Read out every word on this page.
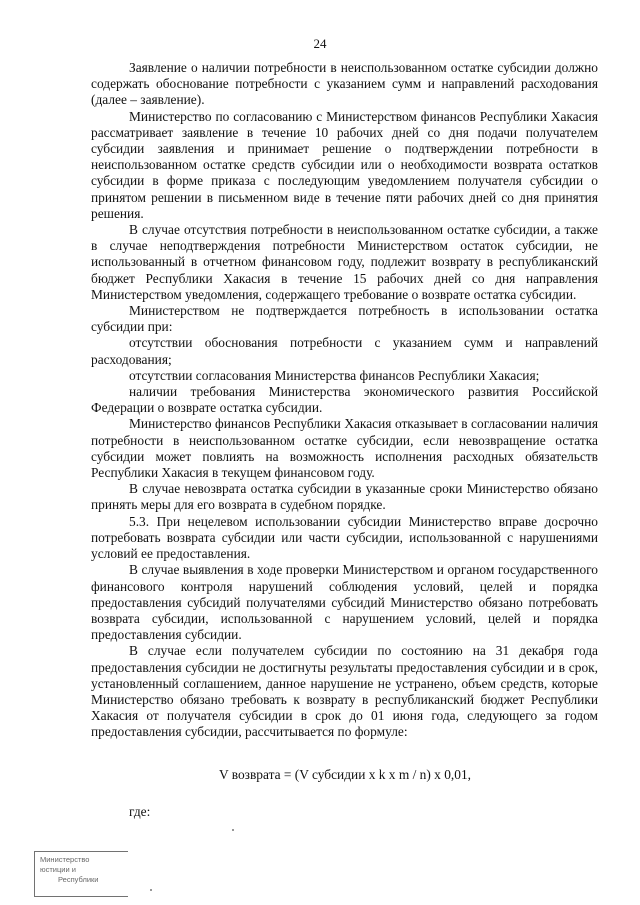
24

Заявление о наличии потребности в неиспользованном остатке субсидии должно содержать обоснование потребности с указанием сумм и направлений расходования (далее – заявление).

Министерство по согласованию с Министерством финансов Республики Хакасия рассматривает заявление в течение 10 рабочих дней со дня подачи получателем субсидии заявления и принимает решение о подтверждении потребности в неиспользованном остатке средств субсидии или о необходимости возврата остатков субсидии в форме приказа с последующим уведомлением получателя субсидии о принятом решении в письменном виде в течение пяти рабочих дней со дня принятия решения.

В случае отсутствия потребности в неиспользованном остатке субсидии, а также в случае неподтверждения потребности Министерством остаток субсидии, не использованный в отчетном финансовом году, подлежит возврату в республиканский бюджет Республики Хакасия в течение 15 рабочих дней со дня направления Министерством уведомления, содержащего требование о возврате остатка субсидии.

Министерством не подтверждается потребность в использовании остатка субсидии при:

отсутствии обоснования потребности с указанием сумм и направлений расходования;

отсутствии согласования Министерства финансов Республики Хакасия;

наличии требования Министерства экономического развития Российской Федерации о возврате остатка субсидии.

Министерство финансов Республики Хакасия отказывает в согласовании наличия потребности в неиспользованном остатке субсидии, если невозвращение остатка субсидии может повлиять на возможность исполнения расходных обязательств Республики Хакасия в текущем финансовом году.

В случае невозврата остатка субсидии в указанные сроки Министерство обязано принять меры для его возврата в судебном порядке.

5.3. При нецелевом использовании субсидии Министерство вправе досрочно потребовать возврата субсидии или части субсидии, использованной с нарушениями условий ее предоставления.

В случае выявления в ходе проверки Министерством и органом государственного финансового контроля нарушений соблюдения условий, целей и порядка предоставления субсидий получателями субсидий Министерство обязано потребовать возврата субсидии, использованной с нарушением условий, целей и порядка предоставления субсидии.

В случае если получателем субсидии по состоянию на 31 декабря года предоставления субсидии не достигнуты результаты предоставления субсидии и в срок, установленный соглашением, данное нарушение не устранено, объем средств, которые Министерство обязано требовать к возврату в республиканский бюджет Республики Хакасия от получателя субсидии в срок до 01 июня года, следующего за годом предоставления субсидии, рассчитывается по формуле:

V возврата = (V субсидии x k x m / n) x 0,01,
где:
Министерство
юстиции и
Республики
